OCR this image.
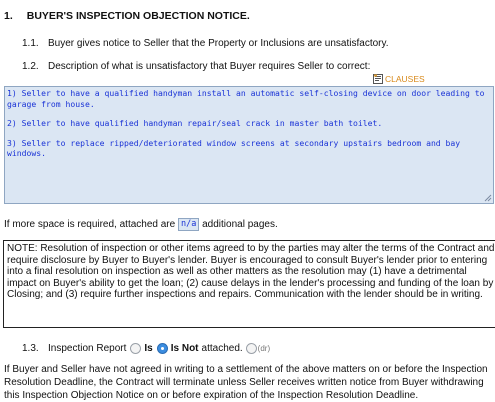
1. BUYER'S INSPECTION OBJECTION NOTICE.
1.1. Buyer gives notice to Seller that the Property or Inclusions are unsatisfactory.
1.2. Description of what is unsatisfactory that Buyer requires Seller to correct:
CLAUSES

1) Seller to have a qualified handyman install an automatic self-closing device on door leading to garage from house.

2) Seller to have qualified handyman repair/seal crack in master bath toilet.

3) Seller to replace ripped/deteriorated window screens at secondary upstairs bedroom and bay windows.

If more space is required, attached are n/a additional pages.
NOTE: Resolution of inspection or other items agreed to by the parties may alter the terms of the Contract and require disclosure by Buyer to Buyer's lender. Buyer is encouraged to consult Buyer's lender prior to entering into a final resolution on inspection as well as other matters as the resolution may (1) have a detrimental impact on Buyer's ability to get the loan; (2) cause delays in the lender's processing and funding of the loan by Closing; and (3) require further inspections and repairs. Communication with the lender should be in writing.
1.3. Inspection Report Is Is Not attached. (dr)
If Buyer and Seller have not agreed in writing to a settlement of the above matters on or before the Inspection Resolution Deadline, the Contract will terminate unless Seller receives written notice from Buyer withdrawing this Inspection Objection Notice on or before expiration of the Inspection Resolution Deadline.
